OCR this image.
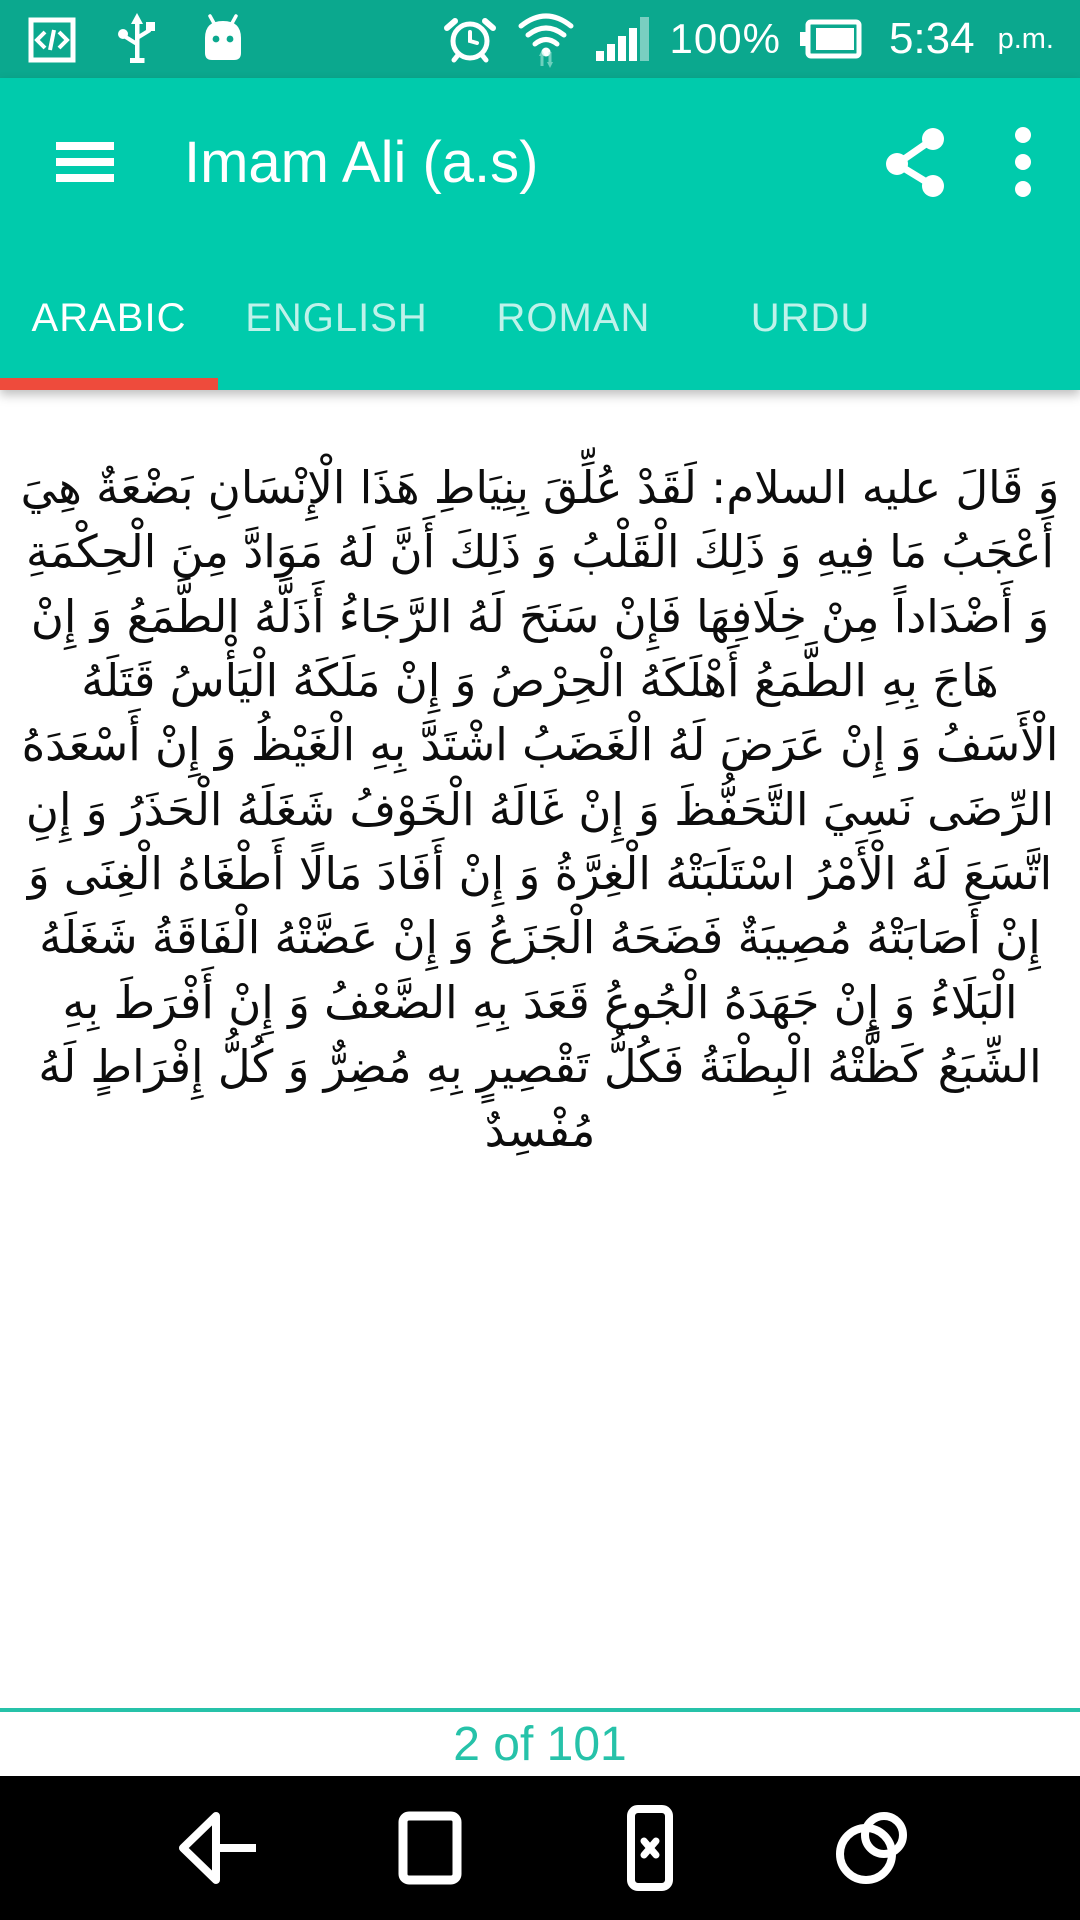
100% 5:34 p.m.
Imam Ali (a.s)
ARABIC ENGLISH ROMAN	URDU

وَ قَالَ عليه السلام: لَقَدْ عُلِّقَ بِنِيَاطِ هَذَا الْإِنْسَانِ بَضْعَةٌ هِيَ أَعْجَبُ مَا فِيهِ وَ ذَلِكَ الْقَلْبُ وَ ذَلِكَ أَنَّ لَهُ مَوَادَّ مِنَ الْحِكْمَةِ وَ أَضْدَاداً مِنْ خِلَافِهَا فَإِنْ سَنَحَ لَهُ الرَّجَاءُ أَذَلَّهُ الطَّمَعُ وَ إِنْ هَاجَ بِهِ الطَّمَعُ أَهْلَكَهُ الْحِرْصُ وَ إِنْ مَلَكَهُ الْيَأْسُ قَتَلَهُ الْأَسَفُ وَ إِنْ عَرَضَ لَهُ الْغَضَبُ اشْتَدَّ بِهِ الْغَيْظُ وَ إِنْ أَسْعَدَهُ الرِّضَى نَسِيَ التَّحَفُّظَ وَ إِنْ غَالَهُ الْخَوْفُ شَغَلَهُ الْحَذَرُ وَ إِنِ اتَّسَعَ لَهُ الْأَمْرُ اسْتَلَبَتْهُ الْغِرَّةُ وَ إِنْ أَفَادَ مَالًا أَطْغَاهُ الْغِنَى وَ إِنْ أَصَابَتْهُ مُصِيبَةٌ فَضَحَهُ الْجَزَعُ وَ إِنْ عَضَّتْهُ الْفَاقَةُ شَغَلَهُ الْبَلَاءُ وَ إِنْ جَهَدَهُ الْجُوعُ قَعَدَ بِهِ الضَّعْفُ وَ إِنْ أَفْرَطَ بِهِ الشِّبَعُ كَظَّتْهُ الْبِطْنَةُ فَكُلُّ تَقْصِيرٍ بِهِ مُضِرٌّ وَ كُلُّ إِفْرَاطٍ لَهُ مُفْسِدٌ

2 of 101
